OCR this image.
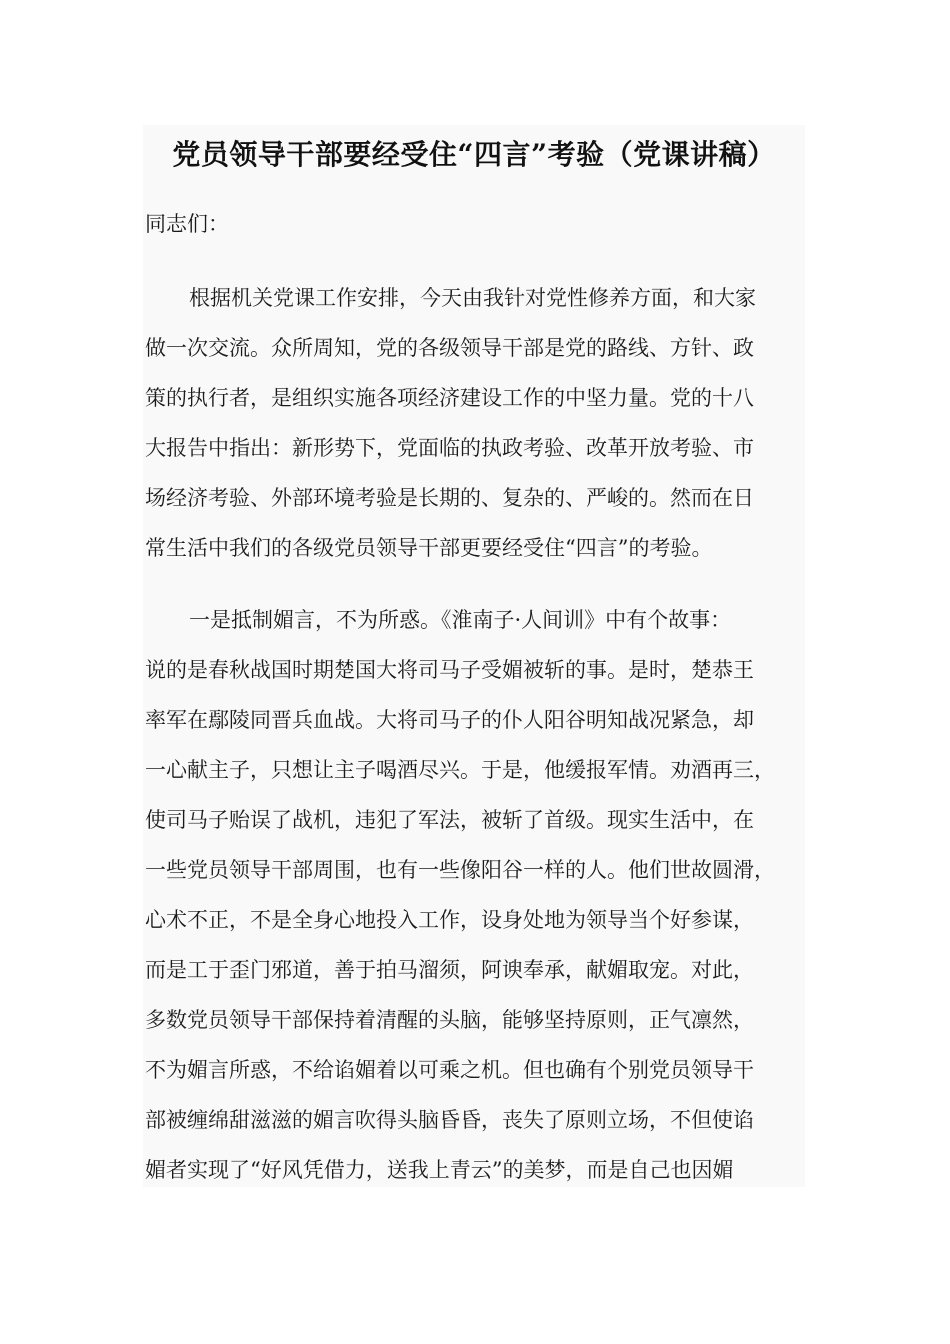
党员领导干部要经受住“四言”考验（党课讲稿）

同志们：

根据机关党课工作安排，今天由我针对党性修养方面，和大家

做一次交流。众所周知，党的各级领导干部是党的路线、方针、政

策的执行者，是组织实施各项经济建设工作的中坚力量。党的十八

大报告中指出：新形势下，党面临的执政考验、改革开放考验、市

场经济考验、外部环境考验是长期的、复杂的、严峻的。然而在日

常生活中我们的各级党员领导干部更要经受住“四言”的考验。

一是抵制媚言，不为所惑。《淮南子·人间训》中有个故事：

说的是春秋战国时期楚国大将司马子受媚被斩的事。是时，楚恭王

率军在鄢陵同晋兵血战。大将司马子的仆人阳谷明知战况紧急，却

一心献主子，只想让主子喝酒尽兴。于是，他缓报军情。劝酒再三，

使司马子贻误了战机，违犯了军法，被斩了首级。现实生活中，在

一些党员领导干部周围，也有一些像阳谷一样的人。他们世故圆滑，

心术不正，不是全身心地投入工作，设身处地为领导当个好参谋，

而是工于歪门邪道，善于拍马溜须，阿谀奉承，献媚取宠。对此，

多数党员领导干部保持着清醒的头脑，能够坚持原则，正气凛然，

不为媚言所惑，不给谄媚着以可乘之机。但也确有个别党员领导干

部被缠绵甜滋滋的媚言吹得头脑昏昏，丧失了原则立场，不但使谄

媚者实现了“好风凭借力，送我上青云”的美梦，而是自己也因媚
